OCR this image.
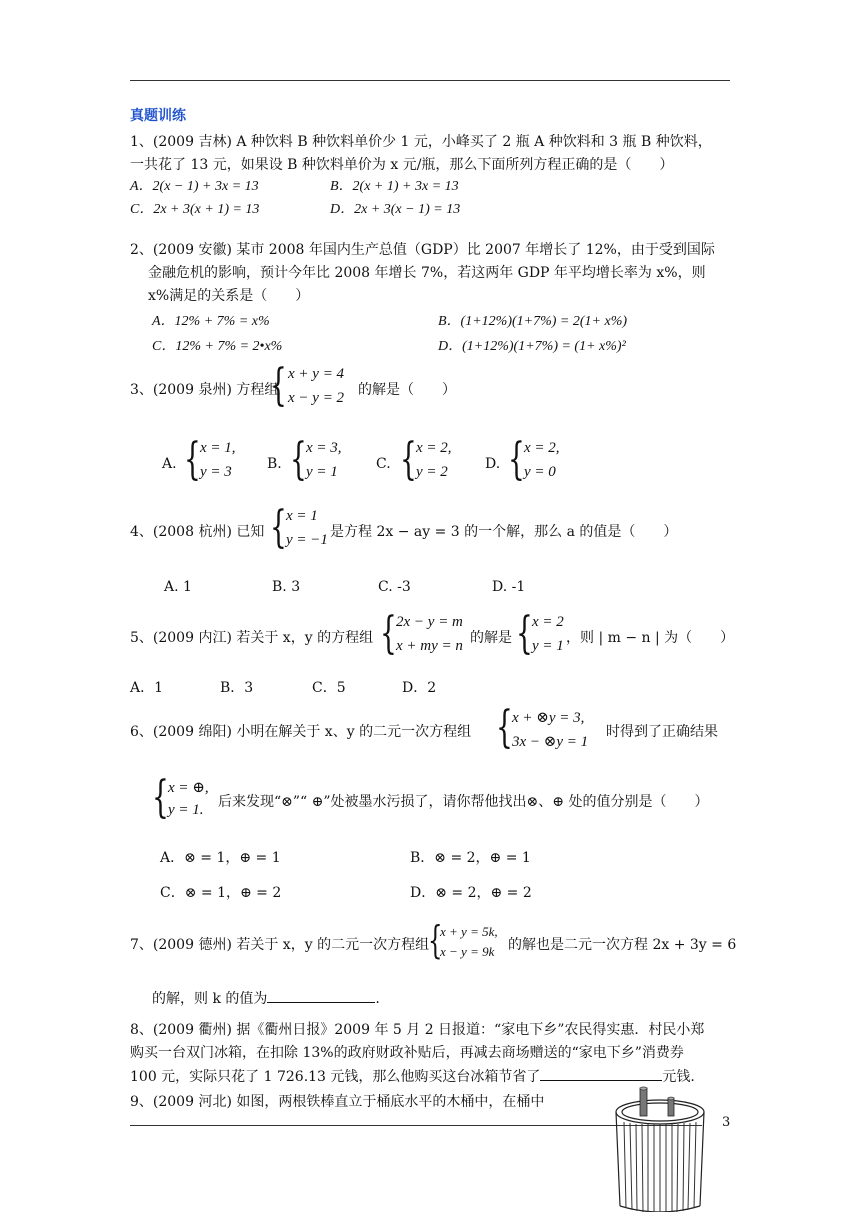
真题训练
1、(2009 吉林) A 种饮料 B 种饮料单价少 1 元，小峰买了 2 瓶 A 种饮料和 3 瓶 B 种饮料，
一共花了 13 元，如果设 B 种饮料单价为 x 元/瓶，那么下面所列方程正确的是（　　）
A．2(x − 1) + 3x = 13	B．2(x + 1) + 3x = 13
C．2x + 3(x + 1) = 13	D．2x + 3(x − 1) = 13
2、(2009 安徽) 某市 2008 年国内生产总值（GDP）比 2007 年增长了 12%，由于受到国际
金融危机的影响，预计今年比 2008 年增长 7%，若这两年 GDP 年平均增长率为 x%，则
x%满足的关系是（　　）
A．12% + 7% = x%	B．(1+12%)(1+7%) = 2(1+ x%)
C．12% + 7% = 2•x%	D．(1+12%)(1+7%) = (1+ x%)²
3、(2009 泉州) 方程组
{ x + y = 4
x − y = 2 的解是（　　）
A. { x = 1,
y = 3	B. { x = 3,
y = 1	C. { x = 2,
y = 2	D. { x = 2,
y = 0
4、(2008 杭州) 已知 { x = 1
y = −1 是方程 2x − ay = 3 的一个解，那么 a 的值是（　　）
A. 1	B. 3	C. -3	D. -1
5、(2009 内江) 若关于 x，y 的方程组 { 2x − y = m
x + my = n 的解是 { x = 2
y = 1 ，则 | m − n | 为（　　）
A．1	B．3	C．5	D．2
6、(2009 绵阳) 小明在解关于 x、y 的二元一次方程组 { x + ⊗y = 3,
3x − ⊗y = 1
时得到了正确结果
{ x = ⊕,
y = 1. 后来发现“⊗”“ ⊕”处被墨水污损了，请你帮他找出⊗、⊕ 处的值分别是（　　）
A．⊗ = 1，⊕ = 1	B．⊗ = 2，⊕ = 1
C．⊗ = 1，⊕ = 2	D．⊗ = 2，⊕ = 2
7、(2009 德州) 若关于 x，y 的二元一次方程组
{
x + y = 5k,
x − y = 9k 的解也是二元一次方程 2x + 3y = 6
的解，则 k 的值为	.
8、(2009 衢州) 据《衢州日报》2009 年 5 月 2 日报道：“家电下乡”农民得实惠．村民小郑
购买一台双门冰箱，在扣除 13%的政府财政补贴后，再减去商场赠送的“家电下乡”消费券
100 元，实际只花了 1 726.13 元钱，那么他购买这台冰箱节省了	元钱.
9、(2009 河北) 如图，两根铁棒直立于桶底水平的木桶中，在桶中
3
